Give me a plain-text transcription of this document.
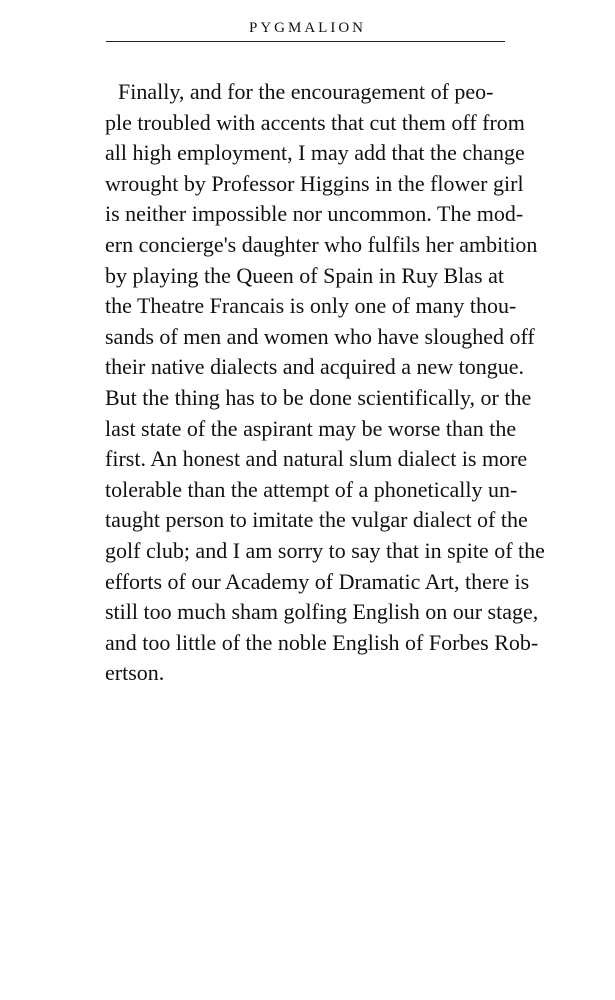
PYGMALION
Finally, and for the encouragement of peo-
ple troubled with accents that cut them off from
all high employment, I may add that the change
wrought by Professor Higgins in the flower girl
is neither impossible nor uncommon. The mod-
ern concierge's daughter who fulfils her ambition
by playing the Queen of Spain in Ruy Blas at
the Theatre Francais is only one of many thou-
sands of men and women who have sloughed off
their native dialects and acquired a new tongue.
But the thing has to be done scientifically, or the
last state of the aspirant may be worse than the
first. An honest and natural slum dialect is more
tolerable than the attempt of a phonetically un-
taught person to imitate the vulgar dialect of the
golf club; and I am sorry to say that in spite of the
efforts of our Academy of Dramatic Art, there is
still too much sham golfing English on our stage,
and too little of the noble English of Forbes Rob-
ertson.
